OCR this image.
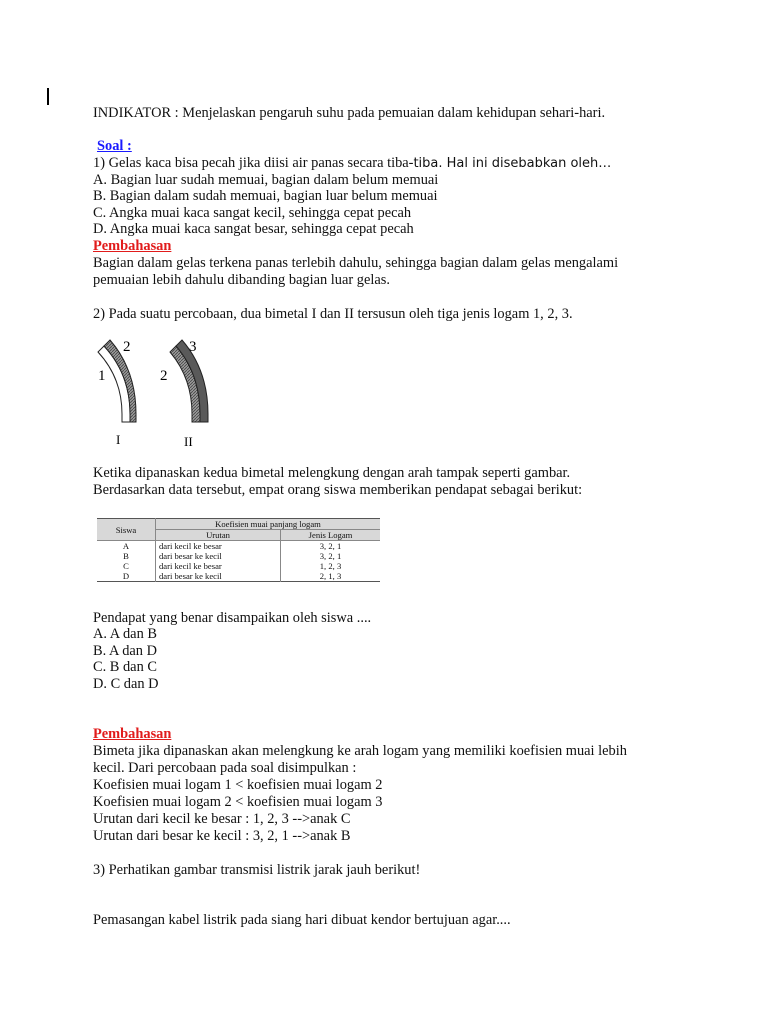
INDIKATOR : Menjelaskan pengaruh suhu pada pemuaian dalam kehidupan sehari-hari.
Soal :
1) Gelas kaca bisa pecah jika diisi air panas secara tiba-tiba. Hal ini disebabkan oleh…
A. Bagian luar sudah memuai, bagian dalam belum memuai
B. Bagian dalam sudah memuai, bagian luar belum memuai
C. Angka muai kaca sangat kecil, sehingga cepat pecah
D. Angka muai kaca sangat besar, sehingga cepat pecah
Pembahasan
Bagian dalam gelas terkena panas terlebih dahulu, sehingga bagian dalam gelas mengalami
pemuaian lebih dahulu dibanding bagian luar gelas.
2) Pada suatu percobaan, dua bimetal I dan II tersusun oleh tiga jenis logam 1, 2, 3.
Ketika dipanaskan kedua bimetal melengkung dengan arah tampak seperti gambar.
Berdasarkan data tersebut, empat orang siswa memberikan pendapat sebagai berikut:
Pendapat yang benar disampaikan oleh siswa ....
A. A dan B
B. A dan D
C. B dan C
D. C dan D
Pembahasan
Bimeta jika dipanaskan akan melengkung ke arah logam yang memiliki koefisien muai lebih
kecil. Dari percobaan pada soal disimpulkan :
Koefisien muai logam 1 < koefisien muai logam 2
Koefisien muai logam 2 < koefisien muai logam 3
Urutan dari kecil ke besar : 1, 2, 3 -->anak C
Urutan dari besar ke kecil : 3, 2, 1 -->anak B
3) Perhatikan gambar transmisi listrik jarak jauh berikut!
Pemasangan kabel listrik pada siang hari dibuat kendor bertujuan agar....
2
1
I
3
2
II
Siswa	Koefisien muai panjang logam	
	Urutan	Jenis Logam
A	dari kecil ke besar	3, 2, 1
B	dari besar ke kecil	3, 2, 1
C	dari kecil ke besar	1, 2, 3
D	dari besar ke kecil	2, 1, 3
